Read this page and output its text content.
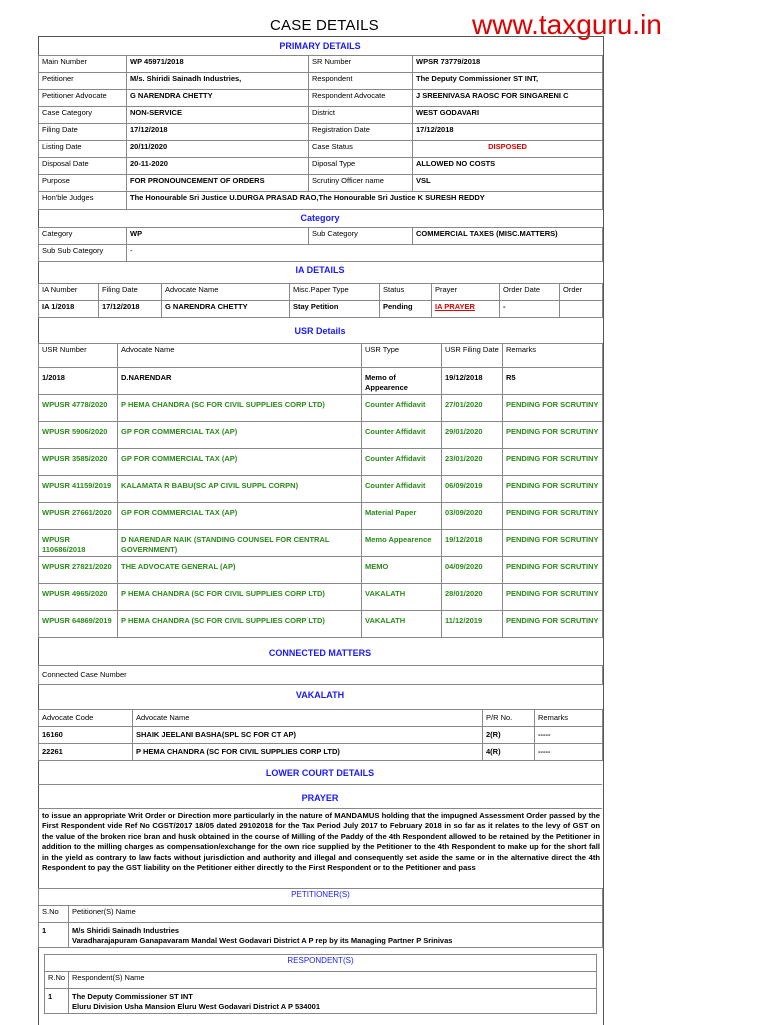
CASE DETAILS	www.taxguru.in
PRIMARY DETAILS
Main Number	WP 45971/2018	SR Number	WPSR 73779/2018
Petitioner	M/s. Shiridi Sainadh Industries,	Respondent	The Deputy Commissioner ST INT,
Petitioner Advocate	G NARENDRA CHETTY	Respondent Advocate	J SREENIVASA RAOSC FOR SINGARENI C
Case Category	NON-SERVICE	District	WEST GODAVARI
Filing Date	17/12/2018	Registration Date	17/12/2018
Listing Date	20/11/2020	Case Status	DISPOSED
Disposal Date	20-11-2020	Diposal Type	ALLOWED NO COSTS
Purpose	FOR PRONOUNCEMENT OF ORDERS	Scrutiny Officer name	VSL
Hon'ble Judges	The Honourable Sri Justice U.DURGA PRASAD RAO,The Honourable Sri Justice K SURESH REDDY		
Category
Category	WP	Sub Category	COMMERCIAL TAXES (MISC.MATTERS)
Sub Sub Category	-		
IA DETAILS
IA Number	Filing Date	Advocate Name	Misc.Paper Type	Status	Prayer	Order Date	Order
IA 1/2018	17/12/2018	G NARENDRA CHETTY	Stay Petition	Pending	IA PRAYER	-	
USR Details
USR Number	Advocate Name	USR Type	USR Filing Date	Remarks
1/2018	D.NARENDAR	Memo of Appearence	19/12/2018	R5
WPUSR 4778/2020	P HEMA CHANDRA (SC FOR CIVIL SUPPLIES CORP LTD)	Counter Affidavit	27/01/2020	PENDING FOR SCRUTINY
WPUSR 5906/2020	GP FOR COMMERCIAL TAX (AP)	Counter Affidavit	29/01/2020	PENDING FOR SCRUTINY
WPUSR 3585/2020	GP FOR COMMERCIAL TAX (AP)	Counter Affidavit	23/01/2020	PENDING FOR SCRUTINY
WPUSR 41159/2019	KALAMATA R BABU(SC AP CIVIL SUPPL CORPN)	Counter Affidavit	06/09/2019	PENDING FOR SCRUTINY
WPUSR 27661/2020	GP FOR COMMERCIAL TAX (AP)	Material Paper	03/09/2020	PENDING FOR SCRUTINY
WPUSR 110686/2018	D NARENDAR NAIK (STANDING COUNSEL FOR CENTRAL GOVERNMENT)	Memo Appearence	19/12/2018	PENDING FOR SCRUTINY
WPUSR 27821/2020	THE ADVOCATE GENERAL (AP)	MEMO	04/09/2020	PENDING FOR SCRUTINY
WPUSR 4965/2020	P HEMA CHANDRA (SC FOR CIVIL SUPPLIES CORP LTD)	VAKALATH	28/01/2020	PENDING FOR SCRUTINY
WPUSR 64869/2019	P HEMA CHANDRA (SC FOR CIVIL SUPPLIES CORP LTD)	VAKALATH	11/12/2019	PENDING FOR SCRUTINY
CONNECTED MATTERS
Connected Case Number
VAKALATH
Advocate Code	Advocate Name	P/R No.	Remarks
16160	SHAIK JEELANI BASHA(SPL SC FOR CT AP)	2(R)	-----
22261	P HEMA CHANDRA (SC FOR CIVIL SUPPLIES CORP LTD)	4(R)	-----
LOWER COURT DETAILS
PRAYER
to issue an appropriate Writ Order or Direction more particularly in the nature of MANDAMUS holding that the impugned Assessment Order passed by the First Respondent vide Ref No CGST/2017 18/05 dated 29102018 for the Tax Period July 2017 to February 2018 in so far as it relates to the levy of GST on the value of the broken rice bran and husk obtained in the course of Milling of the Paddy of the 4th Respondent allowed to be retained by the Petitioner in addition to the milling charges as compensation/exchange for the own rice supplied by the Petitioner to the 4th Respondent to make up for the short fall in the yield as contrary to law facts without jurisdiction and authority and illegal and consequently set aside the same or in the alternative direct the 4th Respondent to pay the GST liability on the Petitioner either directly to the First Respondent or to the Petitioner and pass
PETITIONER(S)	
S.No	Petitioner(S) Name
1	M/s Shiridi Sainadh Industries
Varadharajapuram Ganapavaram Mandal West Godavari District A P rep by its Managing Partner P Srinivas
RESPONDENT(S)	
R.No	Respondent(S) Name
1	The Deputy Commissioner ST INT
Eluru Division Usha Mansion Eluru West Godavari District A P 534001
